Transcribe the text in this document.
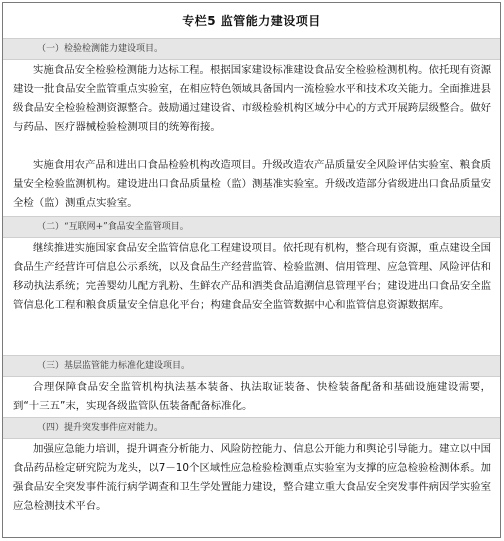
专栏5 监管能力建设项目
（一）检验检测能力建设项目。

实施食品安全检验检测能力达标工程。根据国家建设标准建设食品安全检验检测机构。依托现有资源建设一批食品安全监管重点实验室，在相应特色领域具备国内一流检验水平和技术攻关能力。全面推进县级食品安全检验检测资源整合。鼓励通过建设省、市级检验机构区域分中心的方式开展跨层级整合。做好与药品、医疗器械检验检测项目的统筹衔接。

实施食用农产品和进出口食品检验机构改造项目。升级改造农产品质量安全风险评估实验室、粮食质量安全检验监测机构。建设进出口食品质量检（监）测基准实验室。升级改造部分省级进出口食品质量安全检（监）测重点实验室。

（二）“互联网+”食品安全监管项目。

继续推进实施国家食品安全监管信息化工程建设项目。依托现有机构，整合现有资源，重点建设全国食品生产经营许可信息公示系统，以及食品生产经营监管、检验监测、信用管理、应急管理、风险评估和移动执法系统；完善婴幼儿配方乳粉、生鲜农产品和酒类食品追溯信息管理平台；建设进出口食品安全监管信息化工程和粮食质量安全信息化平台；构建食品安全监管数据中心和监管信息资源数据库。

（三）基层监管能力标准化建设项目。

合理保障食品安全监管机构执法基本装备、执法取证装备、快检装备配备和基础设施建设需要，到“十三五”末，实现各级监管队伍装备配备标准化。

（四）提升突发事件应对能力。

加强应急能力培训，提升调查分析能力、风险防控能力、信息公开能力和舆论引导能力。建立以中国食品药品检定研究院为龙头，以7－10个区域性应急检验检测重点实验室为支撑的应急检验检测体系。加强食品安全突发事件流行病学调查和卫生学处置能力建设，整合建立重大食品安全突发事件病因学实验室应急检测技术平台。
